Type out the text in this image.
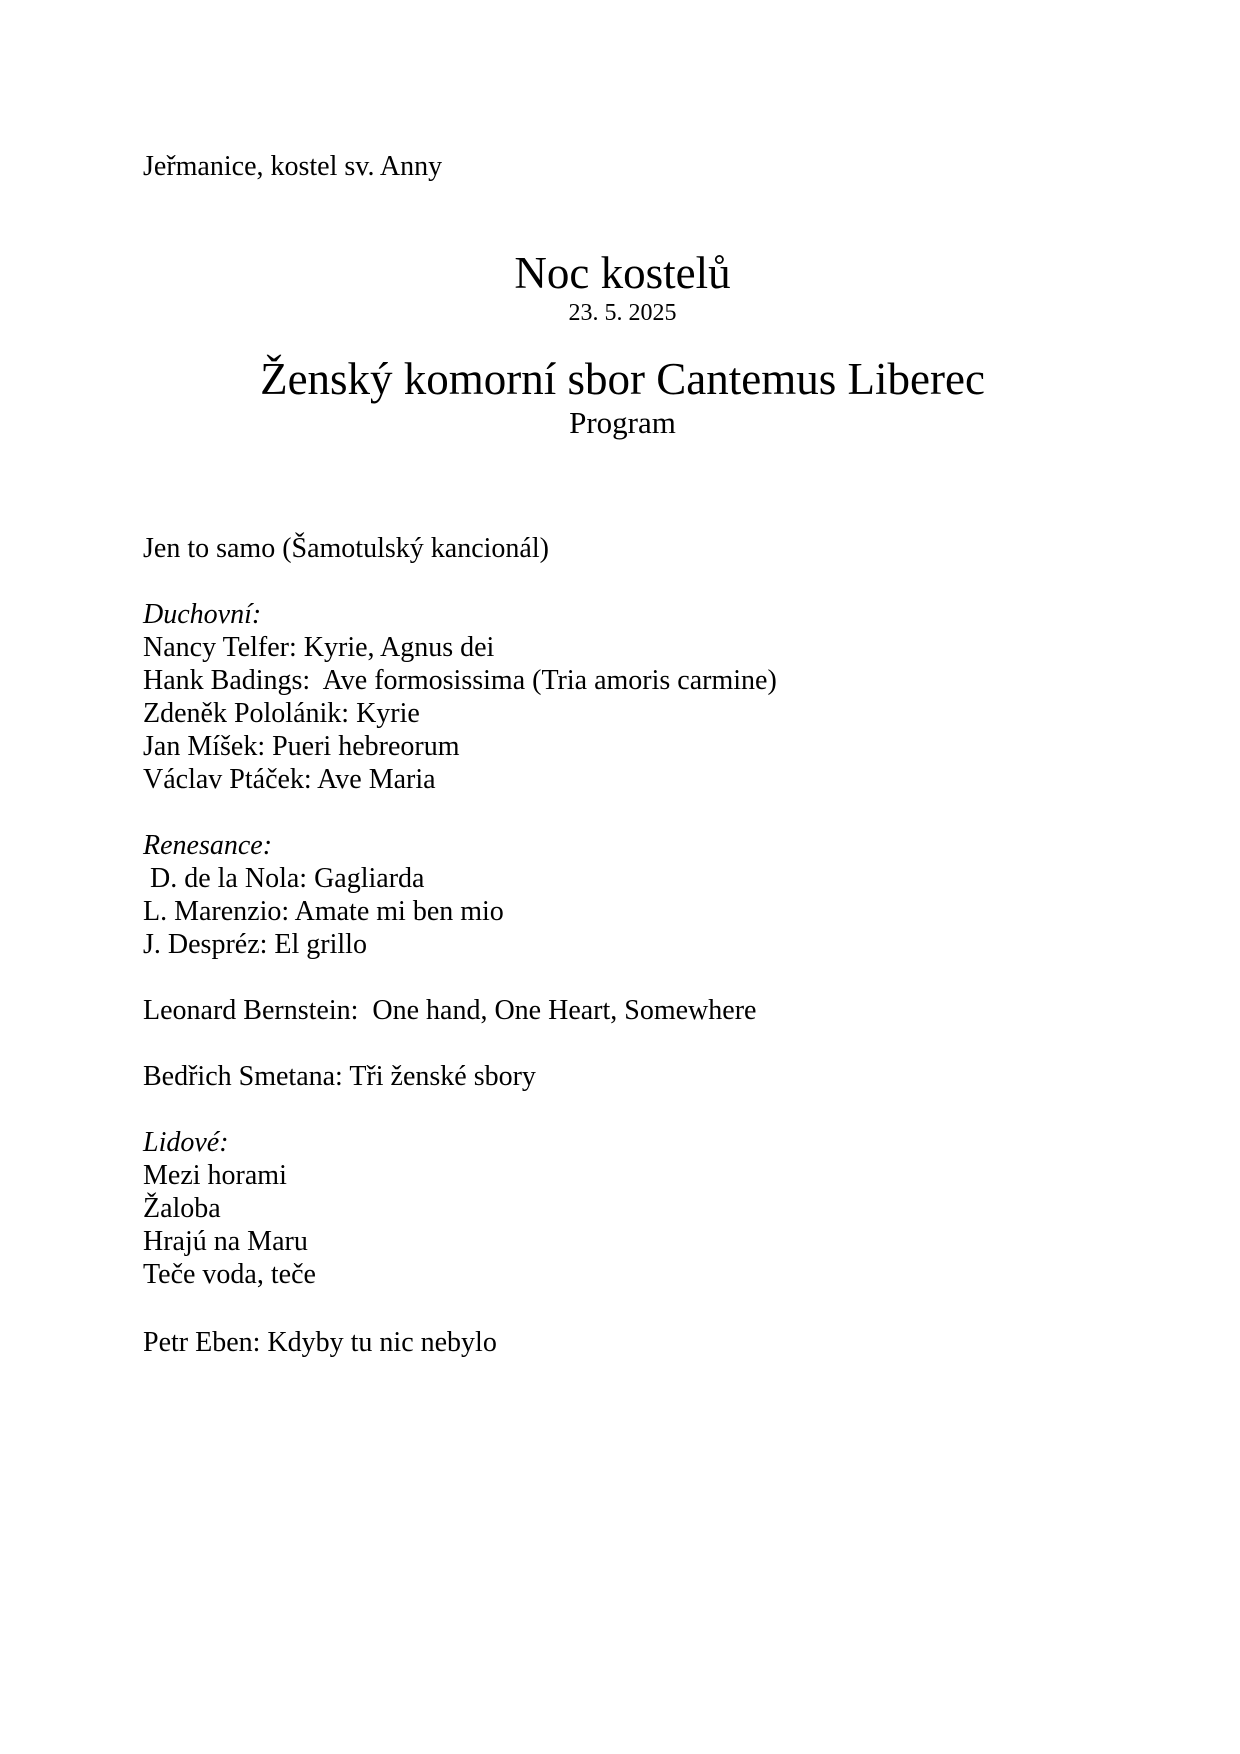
Jeřmanice, kostel sv. Anny

Noc kostelů

23. 5. 2025

Ženský komorní sbor Cantemus Liberec

Program

Jen to samo (Šamotulský kancionál)

Duchovní:

Nancy Telfer: Kyrie, Agnus dei

Hank Badings:  Ave formosissima (Tria amoris carmine)

Zdeněk Pololánik: Kyrie

Jan Míšek: Pueri hebreorum

Václav Ptáček: Ave Maria

Renesance:

D. de la Nola: Gagliarda

L. Marenzio: Amate mi ben mio

J. Despréz: El grillo

Leonard Bernstein:  One hand, One Heart, Somewhere

Bedřich Smetana: Tři ženské sbory

Lidové:

Mezi horami

Žaloba

Hrajú na Maru

Teče voda, teče

Petr Eben: Kdyby tu nic nebylo
